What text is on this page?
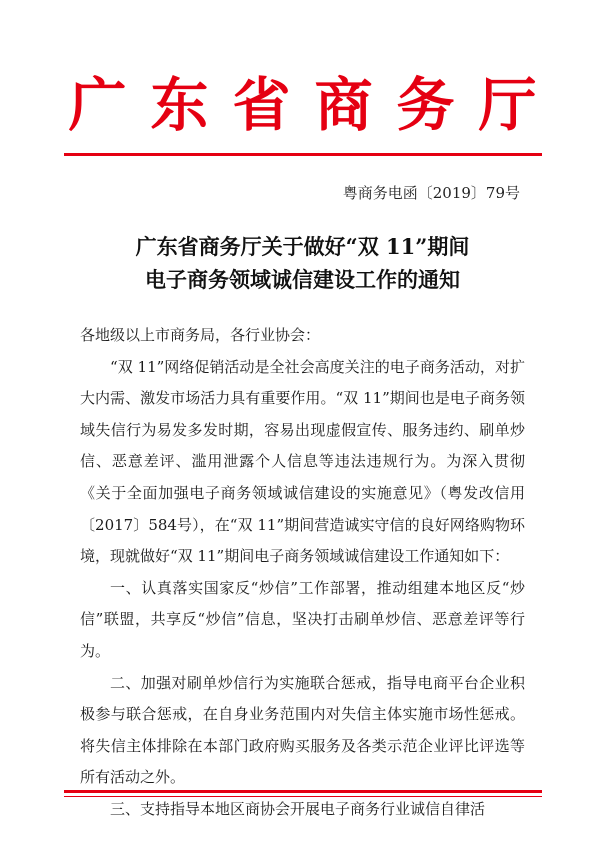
广东省商务厅
粤商务电函〔2019〕79号
广东省商务厅关于做好“双 11”期间
电子商务领域诚信建设工作的通知

各地级以上市商务局，各行业协会：

“双 11”网络促销活动是全社会高度关注的电子商务活动，对扩大内需、激发市场活力具有重要作用。“双 11”期间也是电子商务领域失信行为易发多发时期，容易出现虚假宣传、服务违约、刷单炒信、恶意差评、滥用泄露个人信息等违法违规行为。为深入贯彻《关于全面加强电子商务领域诚信建设的实施意见》（粤发改信用〔2017〕584号），在“双 11”期间营造诚实守信的良好网络购物环境，现就做好“双 11”期间电子商务领域诚信建设工作通知如下：

一、认真落实国家反“炒信”工作部署，推动组建本地区反“炒信”联盟，共享反“炒信”信息，坚决打击刷单炒信、恶意差评等行为。

二、加强对刷单炒信行为实施联合惩戒，指导电商平台企业积极参与联合惩戒，在自身业务范围内对失信主体实施市场性惩戒。将失信主体排除在本部门政府购买服务及各类示范企业评比评选等所有活动之外。

三、支持指导本地区商协会开展电子商务行业诚信自律活
